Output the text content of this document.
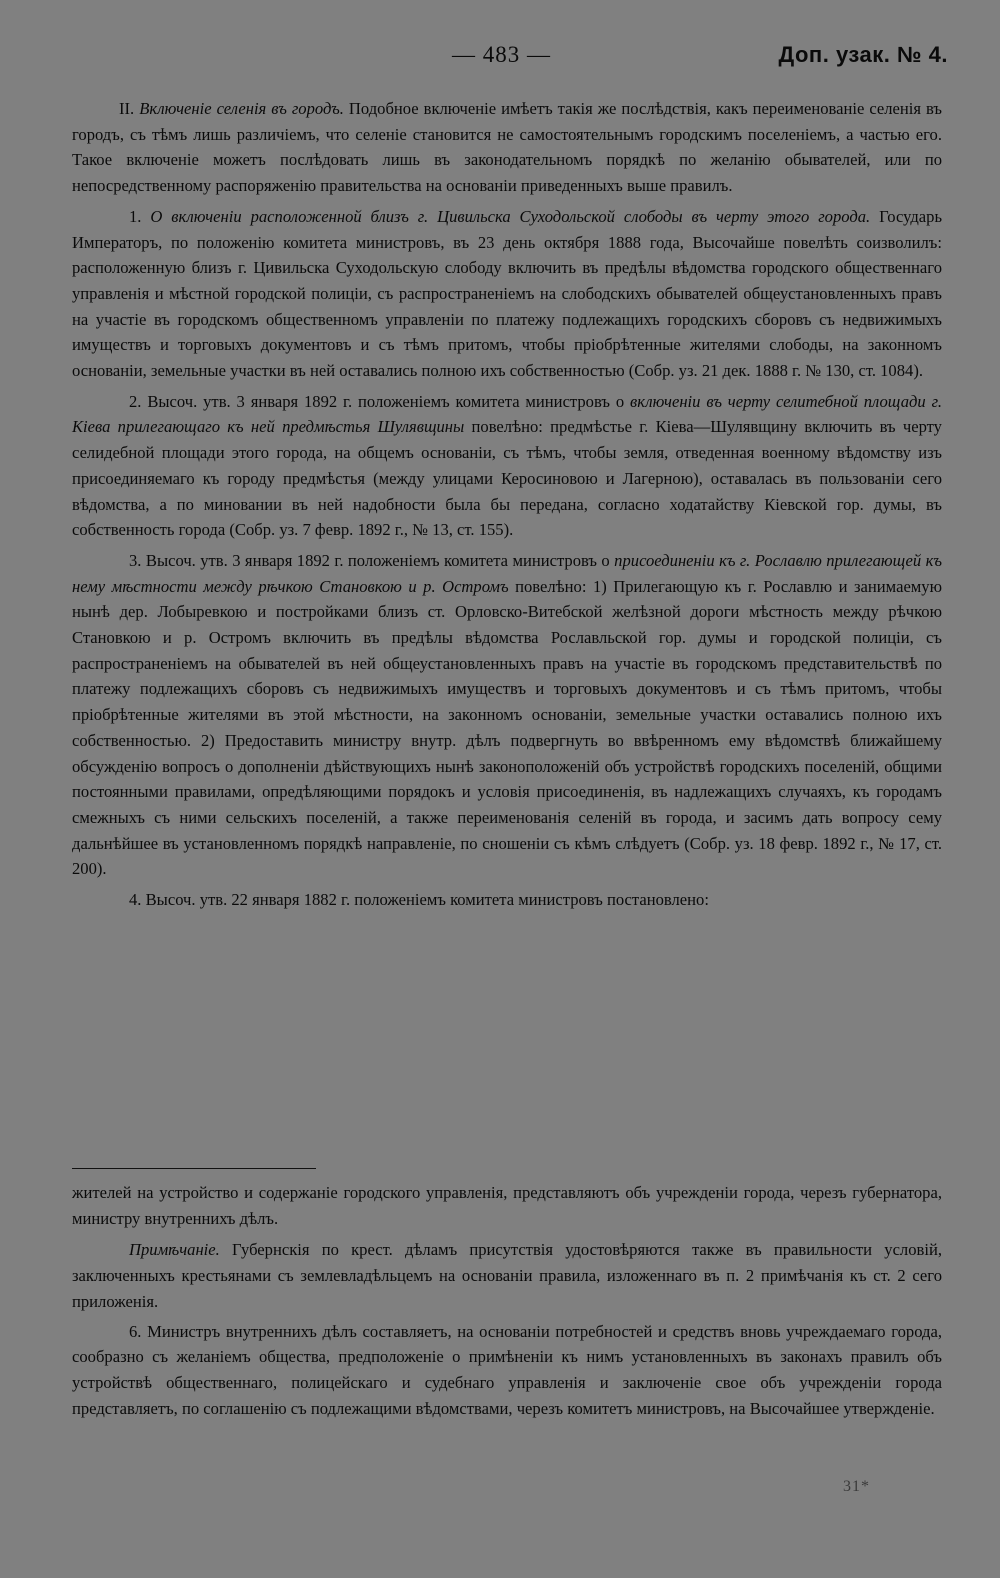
— 483 —	Доп. узак. № 4.

II. Включеніе селенія въ городъ. Подобное включеніе имѣетъ такія же послѣдствія, какъ переименованіе селенія въ городъ, съ тѣмъ лишь различіемъ, что селеніе становится не самостоятельнымъ городскимъ поселеніемъ, а частью его. Такое включеніе можетъ послѣдовать лишь въ законодательномъ порядкѣ по желанію обывателей, или по непосредственному распоряженію правительства на основаніи приведенныхъ выше правилъ.

1. О включеніи расположенной близъ г. Цивильска Суходольской слободы въ черту этого города. Государь Императоръ, по положенію комитета министровъ, въ 23 день октября 1888 года, Высочайше повелѣть соизволилъ: расположенную близъ г. Цивильска Суходольскую слободу включить въ предѣлы вѣдомства городского общественнаго управленія и мѣстной городской полиціи, съ распространеніемъ на слободскихъ обывателей общеустановленныхъ правъ на участіе въ городскомъ общественномъ управленіи по платежу подлежащихъ городскихъ сборовъ съ недвижимыхъ имуществъ и торговыхъ документовъ и съ тѣмъ притомъ, чтобы пріобрѣтенные жителями слободы, на законномъ основаніи, земельные участки въ ней оставались полною ихъ собственностью (Собр. уз. 21 дек. 1888 г. № 130, ст. 1084).

2. Высоч. утв. 3 января 1892 г. положеніемъ комитета министровъ о включеніи въ черту селитебной площади г. Кіева прилегающаго къ ней предмѣстья Шулявщины повелѣно: предмѣстье г. Кіева—Шулявщину включить въ черту селидебной площади этого города, на общемъ основаніи, съ тѣмъ, чтобы земля, отведенная военному вѣдомству изъ присоединяемаго къ городу предмѣстья (между улицами Керосиновою и Лагерною), оставалась въ пользованіи сего вѣдомства, а по миновании въ ней надобности была бы передана, согласно ходатайству Кіевской гор. думы, въ собственность города (Собр. уз. 7 февр. 1892 г., № 13, ст. 155).

3. Высоч. утв. 3 января 1892 г. положеніемъ комитета министровъ о присоединеніи къ г. Рославлю прилегающей къ нему мѣстности между рѣчкою Становкою и р. Остромъ повелѣно: 1) Прилегающую къ г. Рославлю и занимаемую нынѣ дер. Лобыревкою и постройками близъ ст. Орловско-Витебской желѣзной дороги мѣстность между рѣчкою Становкою и р. Остромъ включить въ предѣлы вѣдомства Рославльской гор. думы и городской полиціи, съ распространеніемъ на обывателей въ ней общеустановленныхъ правъ на участіе въ городскомъ представительствѣ по платежу подлежащихъ сборовъ съ недвижимыхъ имуществъ и торговыхъ документовъ и съ тѣмъ притомъ, чтобы пріобрѣтенные жителями въ этой мѣстности, на законномъ основаніи, земельные участки оставались полною ихъ собственностью. 2) Предоставить министру внутр. дѣлъ подвергнуть во ввѣренномъ ему вѣдомствѣ ближайшему обсужденію вопросъ о дополненіи дѣйствующихъ нынѣ законоположеній объ устройствѣ городскихъ поселеній, общими постоянными правилами, опредѣляющими порядокъ и условія присоединенія, въ надлежащихъ случаяхъ, къ городамъ смежныхъ съ ними сельскихъ поселеній, а также переименованія селеній въ города, и засимъ дать вопросу сему дальнѣйшее въ установленномъ порядкѣ направленіе, по сношеніи съ кѣмъ слѣдуетъ (Собр. уз. 18 февр. 1892 г., № 17, ст. 200).

4. Высоч. утв. 22 января 1882 г. положеніемъ комитета министровъ постановлено:

жителей на устройство и содержаніе городского управленія, представляютъ объ учрежденіи города, черезъ губернатора, министру внутреннихъ дѣлъ.

Примѣчаніе. Губернскія по крест. дѣламъ присутствія удостовѣряются также въ правильности условій, заключенныхъ крестьянами съ землевладѣльцемъ на основаніи правила, изложеннаго въ п. 2 примѣчанія къ ст. 2 сего приложенія.

6. Министръ внутреннихъ дѣлъ составляетъ, на основаніи потребностей и средствъ вновь учреждаемаго города, сообразно съ желаніемъ общества, предположеніе о примѣненіи къ нимъ установленныхъ въ законахъ правилъ объ устройствѣ общественнаго, полицейскаго и судебнаго управленія и заключеніе свое объ учрежденіи города представляетъ, по соглашенію съ подлежащими вѣдомствами, черезъ комитетъ министровъ, на Высочайшее утвержденіе.

31*
